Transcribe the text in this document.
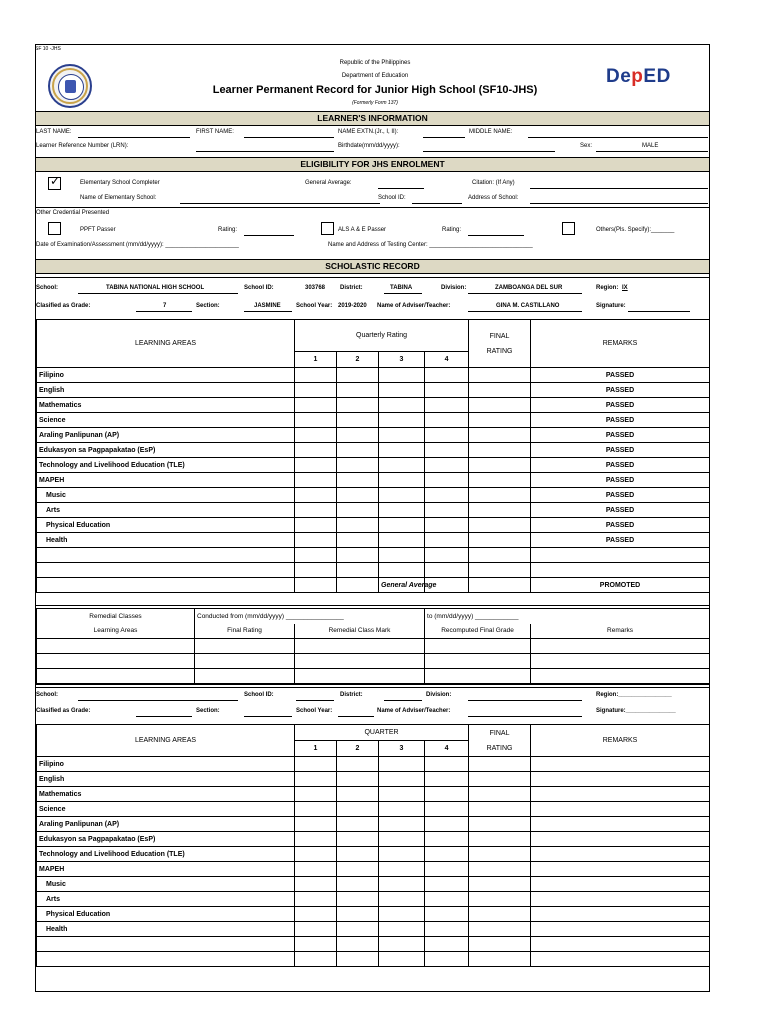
SF 10 -JHS
DepED
Republic of the Philippines
Department of Education
Learner Permanent Record for Junior High School (SF10-JHS)
(Formerly Form 137)
LEARNER'S INFORMATION
LAST NAME:	FIRST NAME:	NAME EXTN.(Jr., I, II):	MIDDLE NAME:
Learner Reference Number (LRN):	Birthdate(mm/dd/yyyy):	Sex:	MALE
ELIGIBILITY FOR JHS ENROLMENT
✓	Elementary School Completer	General Average:	Citation: (If Any)
Name of Elementary School:	School ID:	Address of School:
Other Credential Presented
PPFT Passer	Rating:	ALS A & E Passer	Rating:	Others(Pls. Specify):_______
Date of Examination/Assessment (mm/dd/yyyy): ______________________	Name and Address of Testing Center: _______________________________
SCHOLASTIC RECORD
School:	TABINA NATIONAL HIGH SCHOOL	School ID:	303768 District:	TABINA	Division:	ZAMBOANGA DEL SUR	Region: IX
Clasified as Grade:	7	Section:	JASMINE	School Year: 2019-2020 Name of Adviser/Teacher:	GINA M. CASTILLANO	Signature:
LEARNING AREAS	Quarterly Rating				FINAL
RATING	REMARKS
	1	2	3	4		
Filipino						PASSED
English						PASSED
Mathematics						PASSED
Science						PASSED
Araling Panlipunan (AP)						PASSED
Edukasyon sa Pagpapakatao (EsP)						PASSED
Technology and Livelihood Education (TLE)						PASSED
MAPEH						PASSED
Music						PASSED
Arts						PASSED
Physical Education						PASSED
Health						PASSED

			General Average			PROMOTED
Remedial Classes	Conducted from (mm/dd/yyyy) ________________		to (mm/dd/yyyy) ____________	
Learning Areas	Final Rating	Remedial Class Mark	Recomputed Final Grade	Remarks

School:	School ID:	District:	Division:	Region:________________
Clasified as Grade:	Section:	School Year:	Name of Adviser/Teacher:	Signature:_______________
LEARNING AREAS	QUARTER				FINAL
RATING	REMARKS
	1	2	3	4		
Filipino						
English						
Mathematics						
Science						
Araling Panlipunan (AP)						
Edukasyon sa Pagpapakatao (EsP)						
Technology and Livelihood Education (TLE)						
MAPEH						
Music						
Arts						
Physical Education						
Health						
